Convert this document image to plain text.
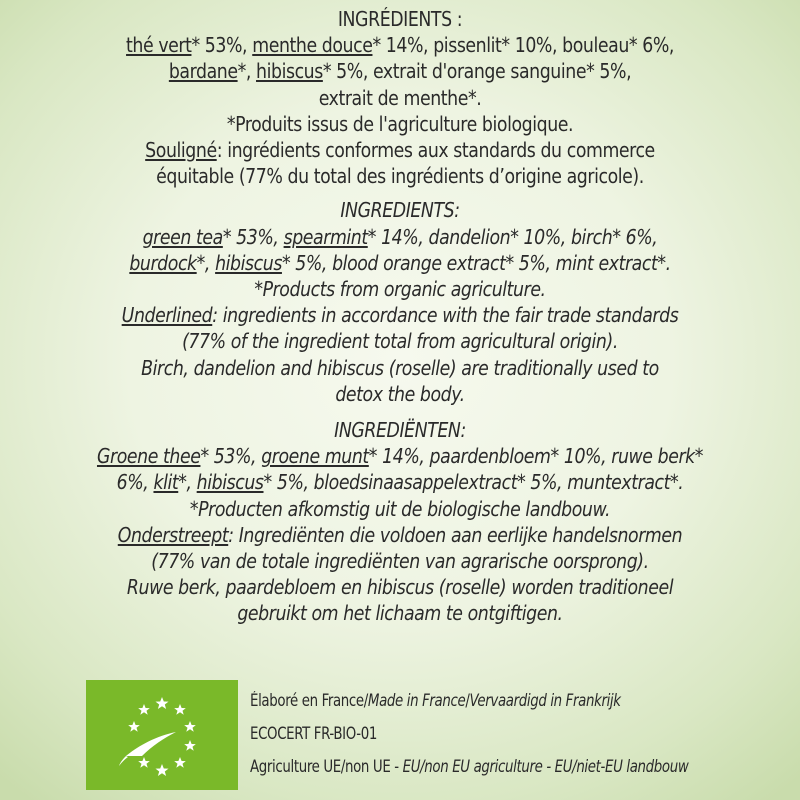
INGRÉDIENTS :
thé vert* 53%, menthe douce* 14%, pissenlit* 10%, bouleau* 6%,
bardane*, hibiscus* 5%, extrait d'orange sanguine* 5%,
extrait de menthe*.
*Produits issus de l'agriculture biologique.
Souligné: ingrédients conformes aux standards du commerce
équitable (77% du total des ingrédients d’origine agricole).
INGREDIENTS:
green tea* 53%, spearmint* 14%, dandelion* 10%, birch* 6%,
burdock*, hibiscus* 5%, blood orange extract* 5%, mint extract*.
*Products from organic agriculture.
Underlined: ingredients in accordance with the fair trade standards
(77% of the ingredient total from agricultural origin).
Birch, dandelion and hibiscus (roselle) are traditionally used to
detox the body.
INGREDIËNTEN:
Groene thee* 53%, groene munt* 14%, paardenbloem* 10%, ruwe berk*
6%, klit*, hibiscus* 5%, bloedsinaasappelextract* 5%, muntextract*.
*Producten afkomstig uit de biologische landbouw.
Onderstreept: Ingrediënten die voldoen aan eerlijke handelsnormen
(77% van de totale ingrediënten van agrarische oorsprong).
Ruwe berk, paardebloem en hibiscus (roselle) worden traditioneel
gebruikt om het lichaam te ontgiftigen.
Élaboré en France/Made in France/Vervaardigd in Frankrijk
ECOCERT FR-BIO-01
Agriculture UE/non UE - EU/non EU agriculture - EU/niet-EU landbouw
